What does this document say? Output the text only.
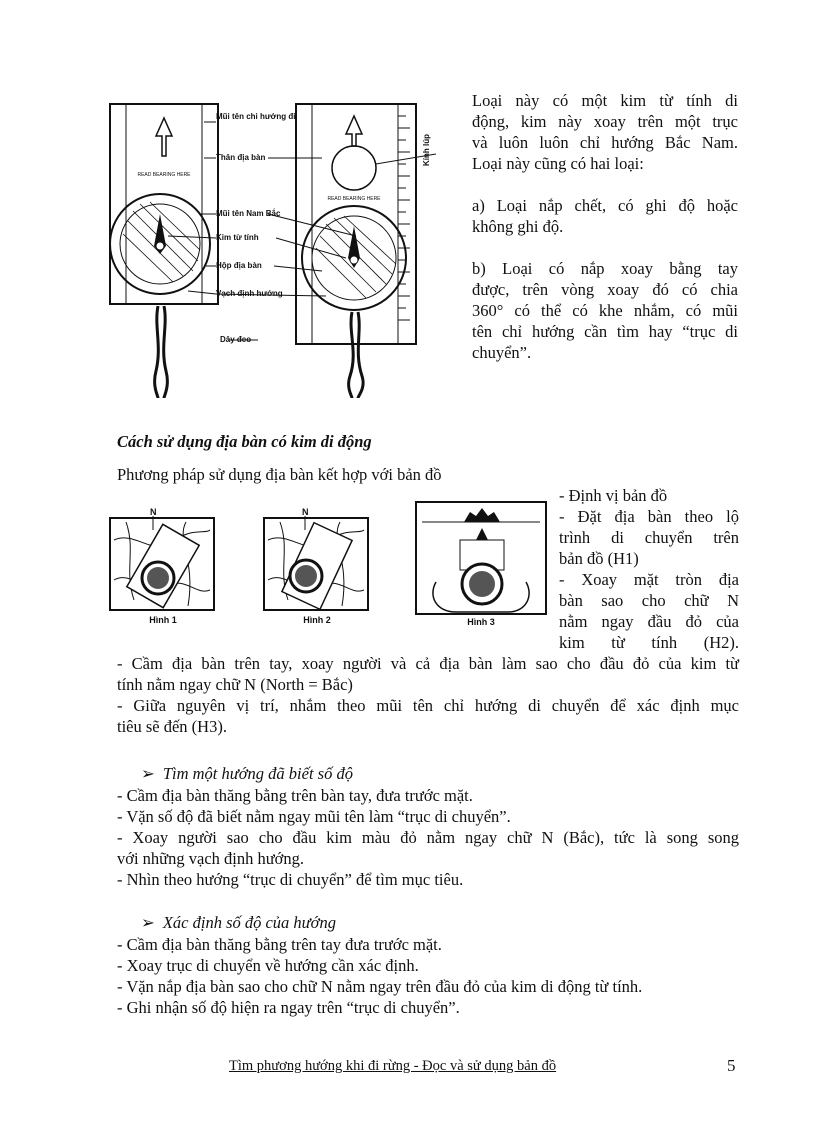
READ BEARING HERE
READ BEARING HERE
Mũi tên chỉ hướng đi
Thân địa bàn
Mũi tên Nam Bắc
Kim từ tính
Hộp địa bàn
Vạch định hướng
Dây đeo
Kính lúp
Loại này có một kim từ tính di
động, kim này xoay trên một trục
và luôn luôn chỉ hướng Bắc Nam.
Loại này cũng có hai loại:
a) Loại nắp chết, có ghi độ hoặc
không ghi độ.
b) Loại có nắp xoay bằng tay
được, trên vòng xoay đó có chia
360° có thể có khe nhắm, có mũi
tên chỉ hướng cần tìm hay “trục di
chuyển”.
Cách sử dụng địa bàn có kim di động
Phương pháp sử dụng địa bàn kết hợp với bản đồ
N	N
Hình 1	Hình 2	Hình 3
- Định vị bản đồ
- Đặt địa bàn theo lộ
trình di chuyển trên
bản đồ (H1)
- Xoay mặt tròn địa
bàn sao cho chữ N
nằm ngay đầu đỏ của
kim từ tính (H2).
- Cầm địa bàn trên tay, xoay người và cả địa bàn làm sao cho đầu đỏ của kim từ
tính nằm ngay chữ N (North = Bắc)
- Giữa nguyên vị trí, nhắm theo mũi tên chỉ hướng di chuyển để xác định mục
tiêu sẽ đến (H3).
➢ Tìm một hướng đã biết số độ
- Cầm địa bàn thăng bằng trên bàn tay, đưa trước mặt.
- Vặn số độ đã biết nằm ngay mũi tên làm “trục di chuyển”.
- Xoay người sao cho đầu kim màu đỏ nằm ngay chữ N (Bắc), tức là song song
với những vạch định hướng.
- Nhìn theo hướng “trục di chuyển” để tìm mục tiêu.
➢ Xác định số độ của hướng
- Cầm địa bàn thăng bằng trên tay đưa trước mặt.
- Xoay trục di chuyển về hướng cần xác định.
- Vặn nắp địa bàn sao cho chữ N nằm ngay trên đầu đỏ của kim di động từ tính.
- Ghi nhận số độ hiện ra ngay trên “trục di chuyển”.
Tìm phương hướng khi đi rừng - Đọc và sử dụng bản đồ	5
